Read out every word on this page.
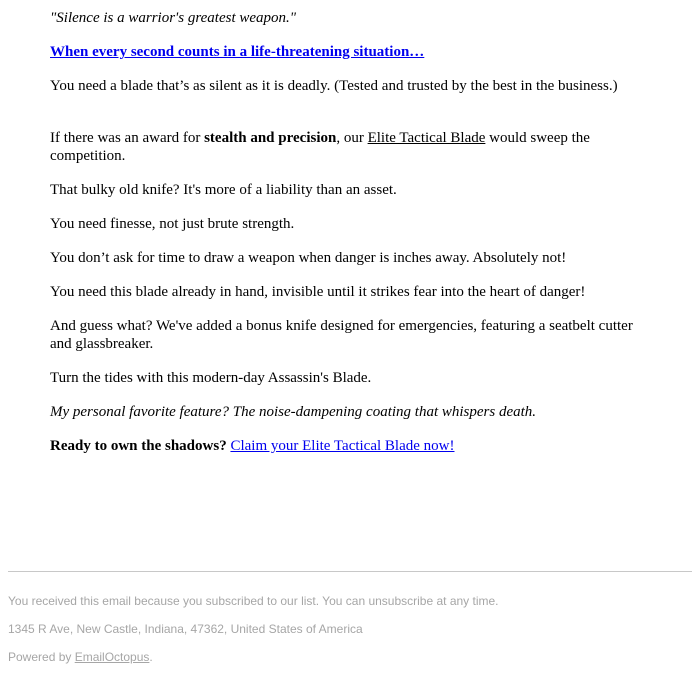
"Silence is a warrior's greatest weapon."

When every second counts in a life-threatening situation…

You need a blade that’s as silent as it is deadly. (Tested and trusted by the best in the business.)

If there was an award for stealth and precision, our Elite Tactical Blade would sweep the competition.

That bulky old knife? It's more of a liability than an asset.

You need finesse, not just brute strength.

You don’t ask for time to draw a weapon when danger is inches away. Absolutely not!

You need this blade already in hand, invisible until it strikes fear into the heart of danger!

And guess what? We've added a bonus knife designed for emergencies, featuring a seatbelt cutter and glassbreaker.

Turn the tides with this modern-day Assassin's Blade.

My personal favorite feature? The noise-dampening coating that whispers death.

Ready to own the shadows? Claim your Elite Tactical Blade now!

You received this email because you subscribed to our list. You can unsubscribe at any time.

1345 R Ave, New Castle, Indiana, 47362, United States of America

Powered by EmailOctopus.
